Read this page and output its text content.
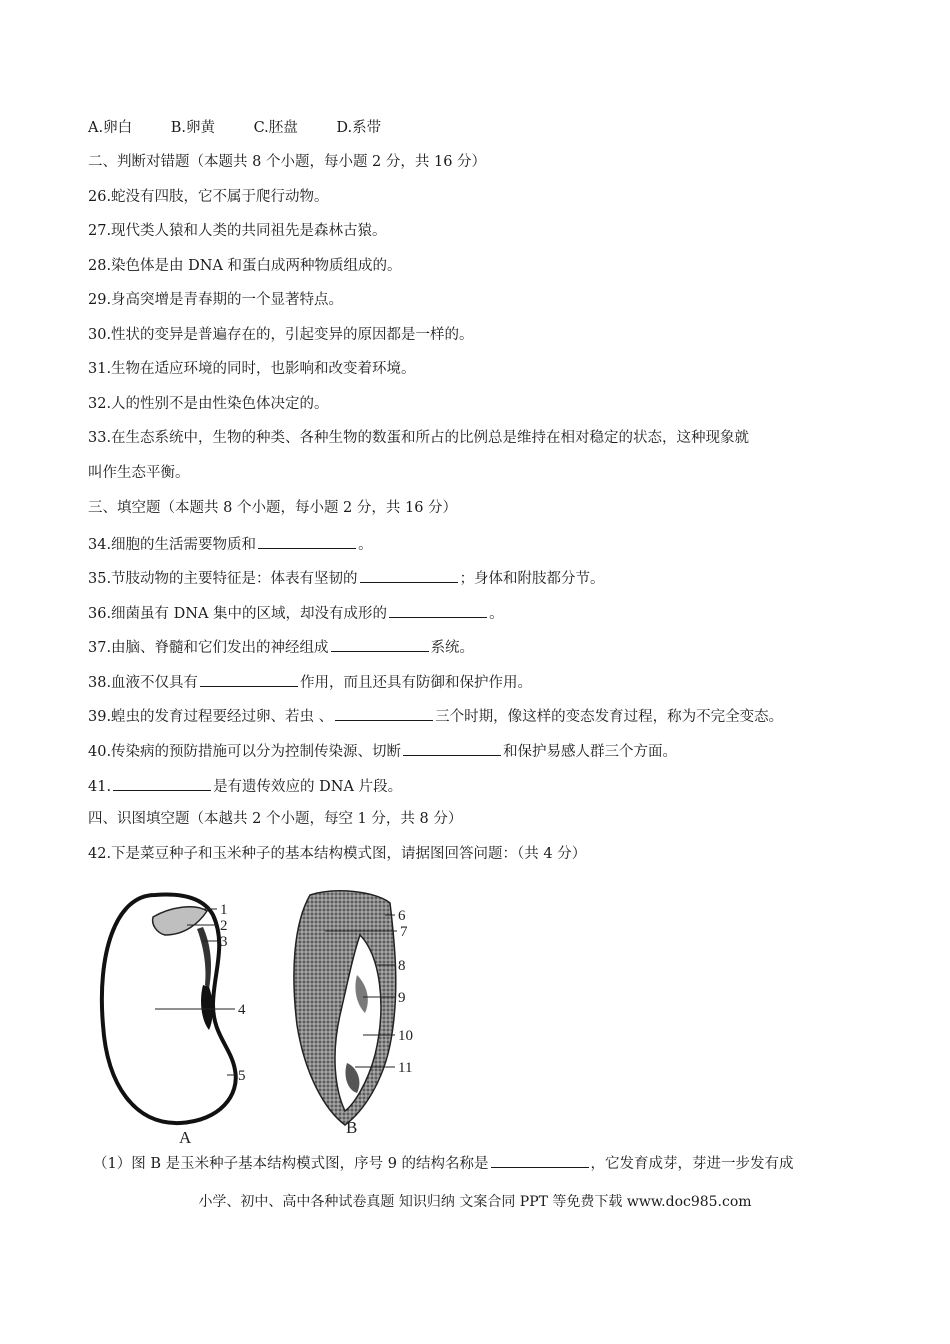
A.卵白	B.卵黄	C.胚盘	D.系带
二、判断对错题（本题共 8 个小题，每小题 2 分，共 16 分）
26.蛇没有四肢，它不属于爬行动物。
27.现代类人猿和人类的共同祖先是森林古猿。
28.染色体是由 DNA 和蛋白成两种物质组成的。
29.身高突增是青春期的一个显著特点。
30.性状的变异是普遍存在的，引起变异的原因都是一样的。
31.生物在适应环境的同时，也影响和改变着环境。
32.人的性别不是由性染色体决定的。
33.在生态系统中，生物的种类、各种生物的数蛋和所占的比例总是维持在相对稳定的状态，这种现象就
叫作生态平衡。
三、填空题（本题共 8 个小题，每小题 2 分，共 16 分）
34.细胞的生活需要物质和	。
35.节肢动物的主要特征是：体表有坚韧的	；身体和附肢都分节。
36.细菌虽有 DNA 集中的区域，却没有成形的	。
37.由脑、脊髓和它们发出的神经组成	系统。
38.血液不仅具有	作用，而且还具有防御和保护作用。
39.蝗虫的发育过程要经过卵、若虫 、	三个时期，像这样的变态发育过程，称为不完全变态。
40.传染病的预防措施可以分为控制传染源、切断	和保护易感人群三个方面。
41.	是有遗传效应的 DNA 片段。
四、识图填空题（本越共 2 个小题，每空 1 分，共 8 分）
42.下是菜豆种子和玉米种子的基本结构模式图，请据图回答问题：（共 4 分）
1
2
3
4
5
6
7
8
9
10
11
A
B
（1）图 B 是玉米种子基本结构模式图，序号 9 的结构名称是	，它发育成芽，芽进一步发有成
小学、初中、高中各种试卷真题 知识归纳 文案合同 PPT 等免费下载 www.doc985.com
